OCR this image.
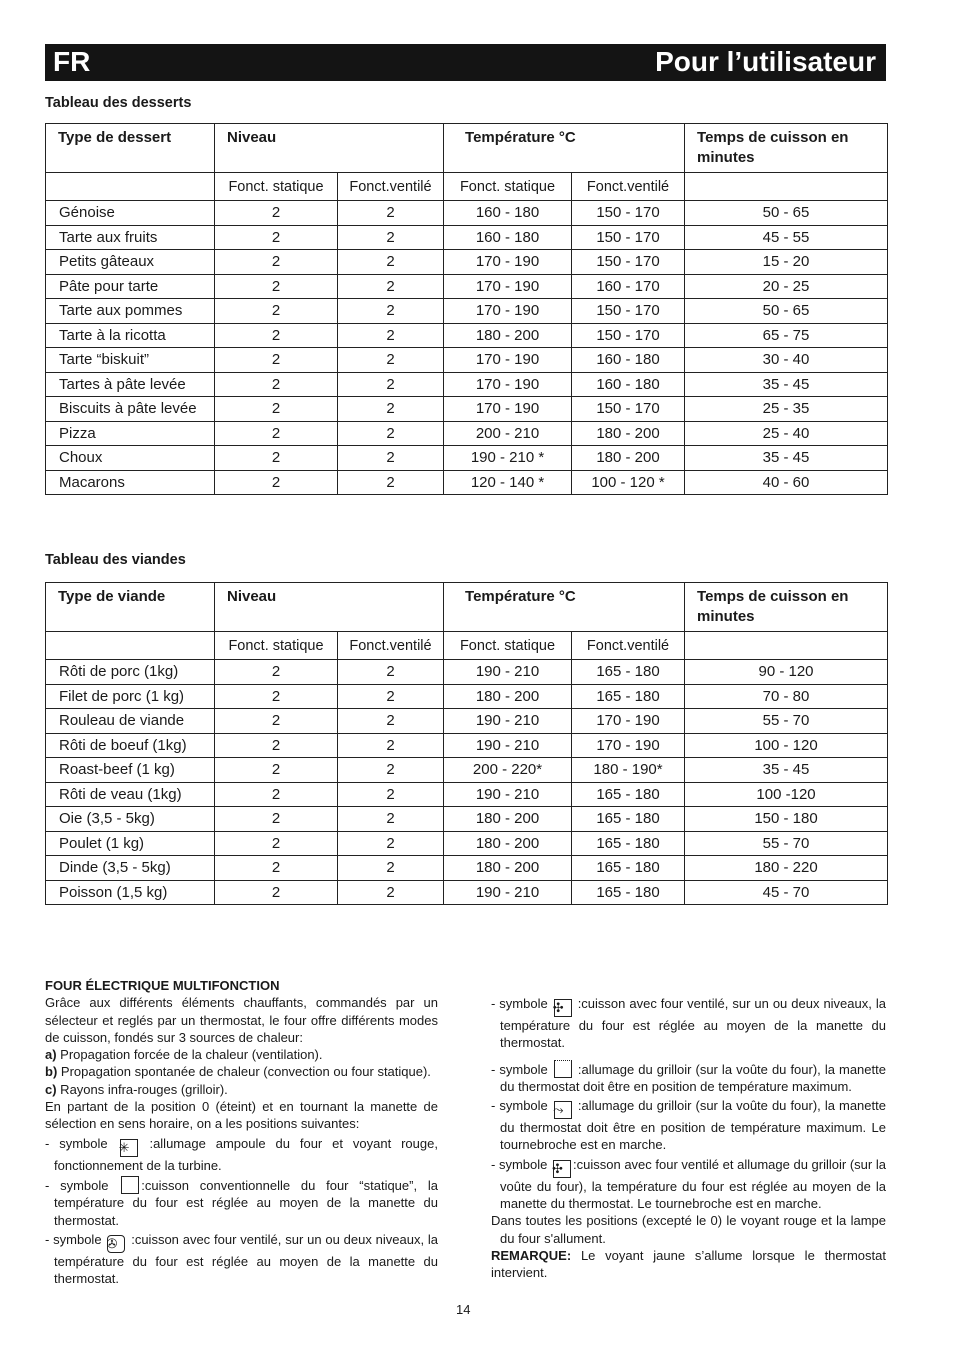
FR	Pour l’utilisateur
Tableau des desserts
Type de dessert	Niveau		Température °C		Temps de cuisson en minutes
	Fonct. statique	Fonct.ventilé	Fonct. statique	Fonct.ventilé	
Génoise	2	2	160 - 180	150 - 170	50 - 65
Tarte aux fruits	2	2	160 - 180	150 - 170	45 - 55
Petits gâteaux	2	2	170 - 190	150 - 170	15 - 20
Pâte pour tarte	2	2	170 - 190	160 - 170	20 - 25
Tarte aux pommes	2	2	170 - 190	150 - 170	50 - 65
Tarte à la ricotta	2	2	180 - 200	150 - 170	65 - 75
Tarte “biskuit”	2	2	170 - 190	160 - 180	30 - 40
Tartes à pâte levée	2	2	170 - 190	160 - 180	35 - 45
Biscuits à pâte levée	2	2	170 - 190	150 - 170	25 - 35
Pizza	2	2	200 - 210	180 - 200	25 - 40
Choux	2	2	190 - 210 *	180 - 200	35 - 45
Macarons	2	2	120 - 140 *	100 - 120 *	40 - 60
Tableau des viandes
Type de viande	Niveau		Température °C		Temps de cuisson en minutes
	Fonct. statique	Fonct.ventilé	Fonct. statique	Fonct.ventilé	
Rôti de porc (1kg)	2	2	190 - 210	165 - 180	90 - 120
Filet de porc (1 kg)	2	2	180 - 200	165 - 180	70 - 80
Rouleau de viande	2	2	190 - 210	170 - 190	55 - 70
Rôti de boeuf (1kg)	2	2	190 - 210	170 - 190	100 - 120
Roast-beef (1 kg)	2	2	200 - 220*	180 - 190*	35 - 45
Rôti de veau (1kg)	2	2	190 - 210	165 - 180	100 -120
Oie (3,5 - 5kg)	2	2	180 - 200	165 - 180	150 - 180
Poulet (1 kg)	2	2	180 - 200	165 - 180	55 - 70
Dinde (3,5 - 5kg)	2	2	180 - 200	165 - 180	180 - 220
Poisson (1,5 kg)	2	2	190 - 210	165 - 180	45 - 70

FOUR ÉLECTRIQUE MULTIFONCTION

Grâce aux différents éléments chauffants, commandés par un sélecteur et reglés par un thermostat, le four offre différents modes de cuisson, fondés sur 3 sources de chaleur:

a) Propagation forcée de la chaleur (ventilation).

b) Propagation spontanée de chaleur (convection ou four statique).

c) Rayons infra-rouges (grilloir).

En partant de la position 0 (éteint) et en tournant la manette de sélection en sens horaire, on a les positions suivantes:

- symbole ✳ :allumage ampoule du four et voyant rouge, fonctionnement de la turbine.

- symbole	:cuisson conventionnelle du four “statique”, la température du four est réglée au moyen de la manette du thermostat.

- symbole ✇ :cuisson avec four ventilé, sur un ou deux niveaux, la température du four est réglée au moyen de la manette du thermostat.

- symbole ✣ :cuisson avec four ventilé, sur un ou deux niveaux, la température du four est réglée au moyen de la manette du thermostat.

- symbole :allumage du grilloir (sur la voûte du four), la manette du thermostat doit être en position de température maximum.

- symbole ⤳ :allumage du grilloir (sur la voûte du four), la manette du thermostat doit être en position de température maximum. Le tournebroche est en marche.

- symbole ✣ :cuisson avec four ventilé et allumage du grilloir (sur la voûte du four), la température du four est réglée au moyen de la manette du thermostat. Le tournebroche est en marche.

Dans toutes les positions (excepté le 0) le voyant rouge et la lampe du four s'allument.

REMARQUE: Le voyant jaune s’allume lorsque le thermostat intervient.

14
